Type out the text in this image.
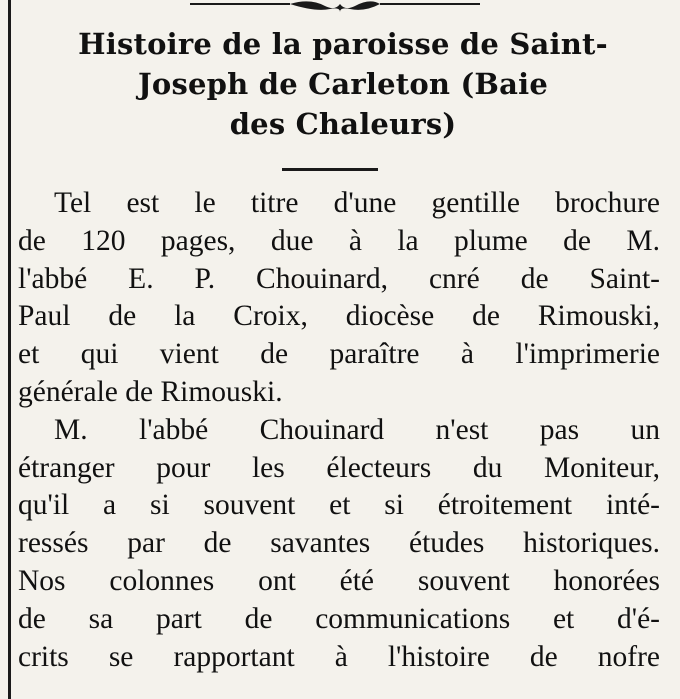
Histoire de la paroisse de Saint-
Joseph de Carleton (Baie
des Chaleurs)
Tel est le titre d'une gentille brochure
de 120 pages, due à la plume de M.
l'abbé E. P. Chouinard, cnré de Saint-
Paul de la Croix, diocèse de Rimouski,
et qui vient de paraître à l'imprimerie
générale de Rimouski.
M. l'abbé Chouinard n'est pas un
étranger pour les électeurs du Moniteur,
qu'il a si souvent et si étroitement inté-
ressés par de savantes études historiques.
Nos colonnes ont été souvent honorées
de sa part de communications et d'é-
crits se rapportant à l'histoire de nofre
